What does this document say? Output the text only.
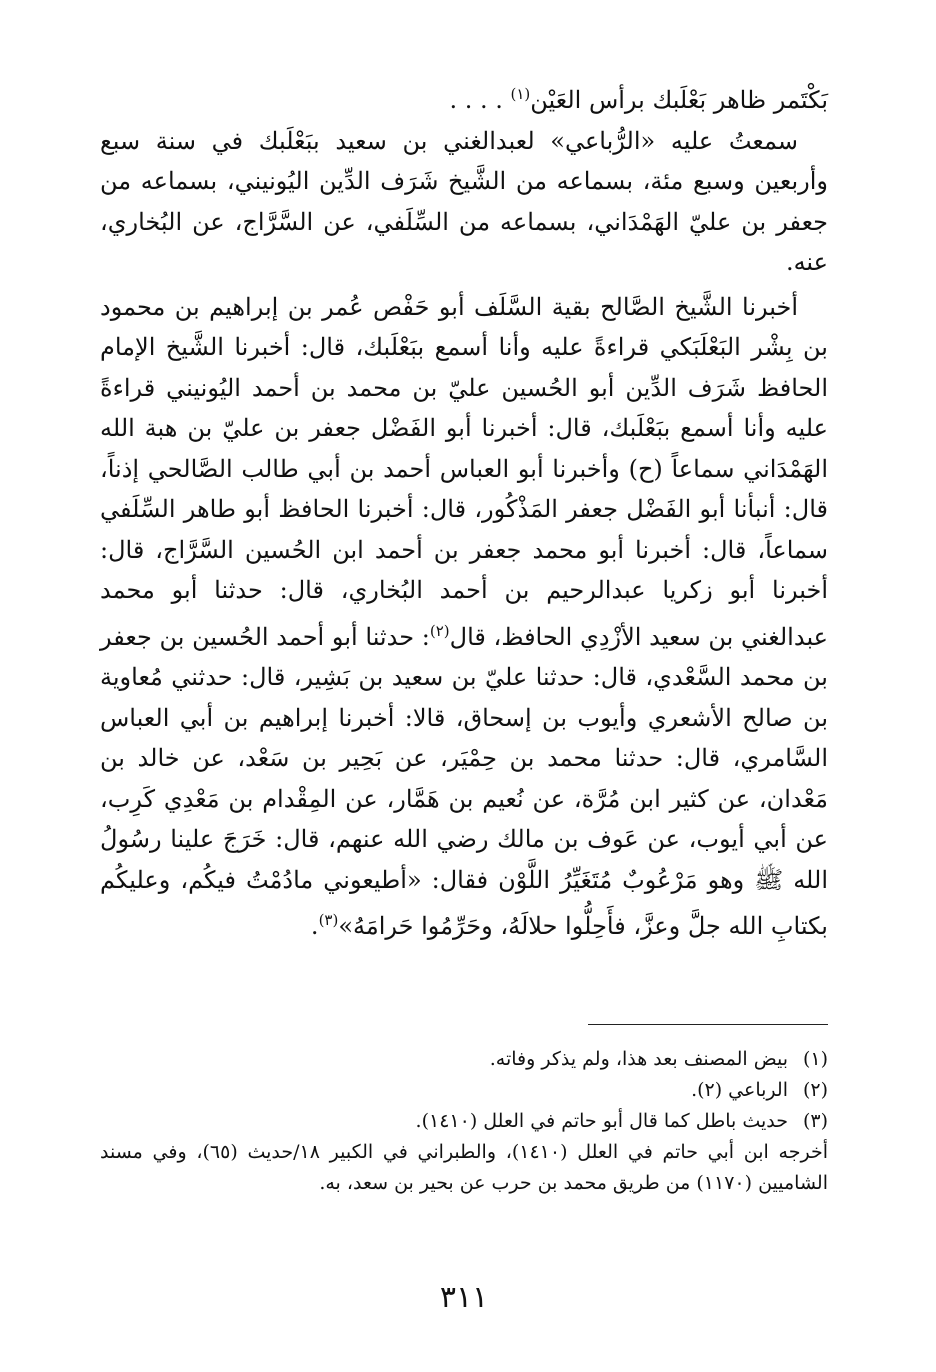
بَكْتَمر ظاهر بَعْلَبك برأس العَيْن$^{(١)}$ . . . .

سمعتُ عليه «الرُّباعي» لعبدالغني بن سعيد ببَعْلَبك في سنة سبع وأربعين وسبع مئة، بسماعه من الشَّيخ شَرَف الدِّين اليُونيني، بسماعه من جعفر بن عليّ الهَمْدَاني، بسماعه من السِّلَفي، عن السَّرَّاج، عن البُخاري، عنه.

أخبرنا الشَّيخ الصَّالح بقية السَّلَف أبو حَفْص عُمر بن إبراهيم بن محمود بن بِشْر البَعْلَبَكي قراءةً عليه وأنا أسمع ببَعْلَبك، قال: أخبرنا الشَّيخ الإمام الحافظ شَرَف الدِّين أبو الحُسين عليّ بن محمد بن أحمد اليُونيني قراءةً عليه وأنا أسمع ببَعْلَبك، قال: أخبرنا أبو الفَضْل جعفر بن عليّ بن هبة الله الهَمْدَاني سماعاً (ح) وأخبرنا أبو العباس أحمد بن أبي طالب الصَّالحي إذناً، قال: أنبأنا أبو الفَضْل جعفر المَذْكُور، قال: أخبرنا الحافظ أبو طاهر السِّلَفي سماعاً، قال: أخبرنا أبو محمد جعفر بن أحمد ابن الحُسين السَّرَّاج، قال: أخبرنا أبو زكريا عبدالرحيم بن أحمد البُخاري، قال: حدثنا أبو محمد عبدالغني بن سعيد الأزْدِي الحافظ، قال$^{(٢)}$: حدثنا أبو أحمد الحُسين بن جعفر بن محمد السَّعْدي، قال: حدثنا عليّ بن سعيد بن بَشِير، قال: حدثني مُعاوية بن صالح الأشعري وأيوب بن إسحاق، قالا: أخبرنا إبراهيم بن أبي العباس السَّامري، قال: حدثنا محمد بن حِمْيَر، عن بَحِير بن سَعْد، عن خالد بن مَعْدان، عن كثير ابن مُرَّة، عن نُعيم بن هَمَّار، عن المِقْدام بن مَعْدِي كَرِب، عن أبي أيوب، عن عَوف بن مالك رضي الله عنهم، قال: خَرَجَ علينا رسُولُ الله ﷺ وهو مَرْعُوبٌ مُتَغَيِّرُ اللَّوْن فقال: «أطيعوني مادُمْتُ فيكُم، وعليكُم بكتابِ الله جلَّ وعزَّ، فأَحِلُّوا حلالَهُ، وحَرِّمُوا حَرامَهُ»$^{(٣)}$.

(١)بيض المصنف بعد هذا، ولم يذكر وفاته.

(٢)الرباعي (٢).

(٣)حديث باطل كما قال أبو حاتم في العلل (١٤١٠).

أخرجه ابن أبي حاتم في العلل (١٤١٠)، والطبراني في الكبير ١٨/حديث (٦٥)، وفي مسند الشاميين (١١٧٠) من طريق محمد بن حرب عن بحير بن سعد، به.

٣١١
